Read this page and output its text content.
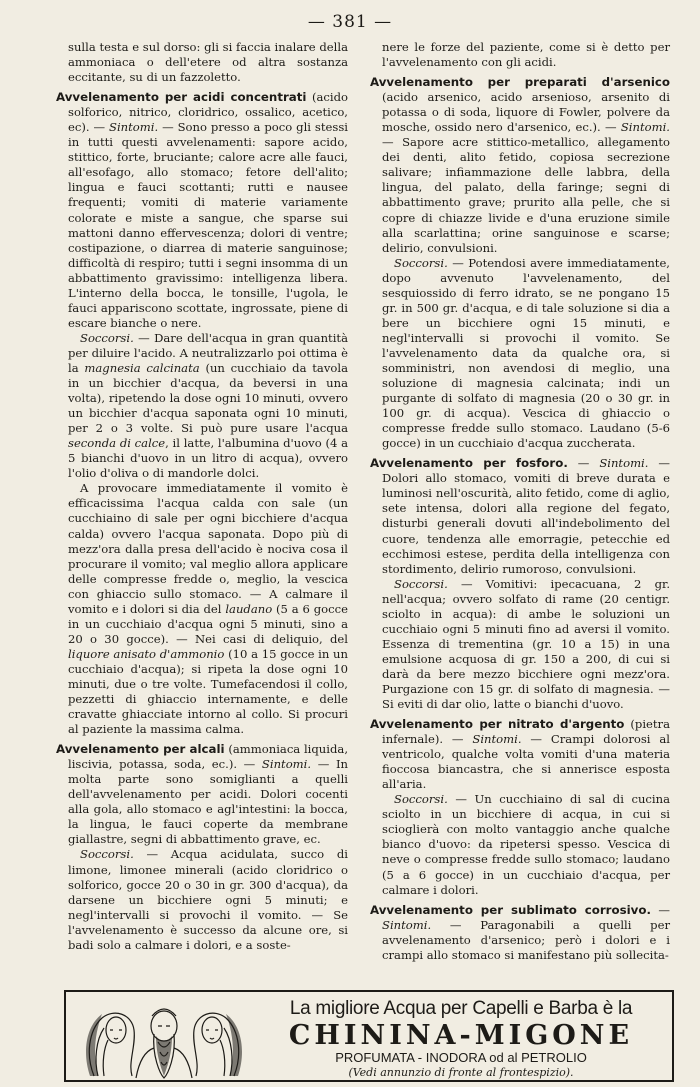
— 381 —

sulla testa e sul dorso: gli si faccia inalare della ammoniaca o dell'etere od altra sostanza eccitante, su di un fazzoletto.

Avvelenamento per acidi concentrati (acido solforico, nitrico, cloridrico, ossalico, acetico, ec). — Sintomi. — Sono presso a poco gli stessi in tutti questi avvelenamenti: sapore acido, stittico, forte, bruciante; calore acre alle fauci, all'esofago, allo stomaco; fetore dell'alito; lingua e fauci scottanti; rutti e nausee frequenti; vomiti di materie variamente colorate e miste a sangue, che sparse sui mattoni danno effervescenza; dolori di ventre; costipazione, o diarrea di materie sanguinose; difficoltà di respiro; tutti i segni insomma di un abbattimento gravissimo: intelligenza libera. L'interno della bocca, le tonsille, l'ugola, le fauci appariscono scottate, ingrossate, piene di escare bianche o nere.

Soccorsi. — Dare dell'acqua in gran quantità per diluire l'acido. A neutralizzarlo poi ottima è la magnesia calcinata (un cucchiaio da tavola in un bicchier d'acqua, da beversi in una volta), ripetendo la dose ogni 10 minuti, ovvero un bicchier d'acqua saponata ogni 10 minuti, per 2 o 3 volte. Si può pure usare l'acqua seconda di calce, il latte, l'albumina d'uovo (4 a 5 bianchi d'uovo in un litro di acqua), ovvero l'olio d'oliva o di mandorle dolci.

A provocare immediatamente il vomito è efficacissima l'acqua calda con sale (un cucchiaino di sale per ogni bicchiere d'acqua calda) ovvero l'acqua saponata. Dopo più di mezz'ora dalla presa dell'acido è nociva cosa il procurare il vomito; val meglio allora applicare delle compresse fredde o, meglio, la vescica con ghiaccio sullo stomaco. — A calmare il vomito e i dolori si dia del laudano (5 a 6 gocce in un cucchiaio d'acqua ogni 5 minuti, sino a 20 o 30 gocce). — Nei casi di deliquio, del liquore anisato d'ammonio (10 a 15 gocce in un cucchiaio d'acqua); si ripeta la dose ogni 10 minuti, due o tre volte. Tumefacendosi il collo, pezzetti di ghiaccio internamente, e delle cravatte ghiacciate intorno al collo. Si procuri al paziente la massima calma.

Avvelenamento per alcali (ammoniaca liquida, liscivia, potassa, soda, ec.). — Sintomi. — In molta parte sono somiglianti a quelli dell'avvelenamento per acidi. Dolori cocenti alla gola, allo stomaco e agl'intestini: la bocca, la lingua, le fauci coperte da membrane giallastre, segni di abbattimento grave, ec.

Soccorsi. — Acqua acidulata, succo di limone, limonee minerali (acido cloridrico o solforico, gocce 20 o 30 in gr. 300 d'acqua), da darsene un bicchiere ogni 5 minuti; e negl'intervalli si provochi il vomito. — Se l'avvelenamento è successo da alcune ore, si badi solo a calmare i dolori, e a soste-

nere le forze del paziente, come si è detto per l'avvelenamento con gli acidi.

Avvelenamento per preparati d'arsenico (acido arsenico, acido arsenioso, arsenito di potassa o di soda, liquore di Fowler, polvere da mosche, ossido nero d'arsenico, ec.). — Sintomi. — Sapore acre stittico-metallico, allegamento dei denti, alito fetido, copiosa secrezione salivare; infiammazione delle labbra, della lingua, del palato, della faringe; segni di abbattimento grave; prurito alla pelle, che si copre di chiazze livide e d'una eruzione simile alla scarlattina; orine sanguinose e scarse; delirio, convulsioni.

Soccorsi. — Potendosi avere immediatamente, dopo avvenuto l'avvelenamento, del sesquiossido di ferro idrato, se ne pongano 15 gr. in 500 gr. d'acqua, e di tale soluzione si dia a bere un bicchiere ogni 15 minuti, e negl'intervalli si provochi il vomito. Se l'avvelenamento data da qualche ora, si somministri, non avendosi di meglio, una soluzione di magnesia calcinata; indi un purgante di solfato di magnesia (20 o 30 gr. in 100 gr. di acqua). Vescica di ghiaccio o compresse fredde sullo stomaco. Laudano (5-6 gocce) in un cucchiaio d'acqua zuccherata.

Avvelenamento per fosforo. — Sintomi. — Dolori allo stomaco, vomiti di breve durata e luminosi nell'oscurità, alito fetido, come di aglio, sete intensa, dolori alla regione del fegato, disturbi generali dovuti all'indebolimento del cuore, tendenza alle emorragie, petecchie ed ecchimosi estese, perdita della intelligenza con stordimento, delirio rumoroso, convulsioni.

Soccorsi. — Vomitivi: ipecacuana, 2 gr. nell'acqua; ovvero solfato di rame (20 centigr. sciolto in acqua): di ambe le soluzioni un cucchiaio ogni 5 minuti fino ad aversi il vomito. Essenza di trementina (gr. 10 a 15) in una emulsione acquosa di gr. 150 a 200, di cui si darà da bere mezzo bicchiere ogni mezz'ora. Purgazione con 15 gr. di solfato di magnesia. — Si eviti di dar olio, latte o bianchi d'uovo.

Avvelenamento per nitrato d'argento (pietra infernale). — Sintomi. — Crampi dolorosi al ventricolo, qualche volta vomiti d'una materia fioccosa biancastra, che si annerisce esposta all'aria.

Soccorsi. — Un cucchiaino di sal di cucina sciolto in un bicchiere di acqua, in cui si scioglierà con molto vantaggio anche qualche bianco d'uovo: da ripetersi spesso. Vescica di neve o compresse fredde sullo stomaco; laudano (5 a 6 gocce) in un cucchiaio d'acqua, per calmare i dolori.

Avvelenamento per sublimato corrosivo. — Sintomi. — Paragonabili a quelli per avvelenamento d'arsenico; però i dolori e i crampi allo stomaco si manifestano più sollecita-

La migliore Acqua per Capelli e Barba è la
CHININA-MIGONE
PROFUMATA - INODORA od al PETROLIO
(Vedi annunzio di fronte al frontespizio).
